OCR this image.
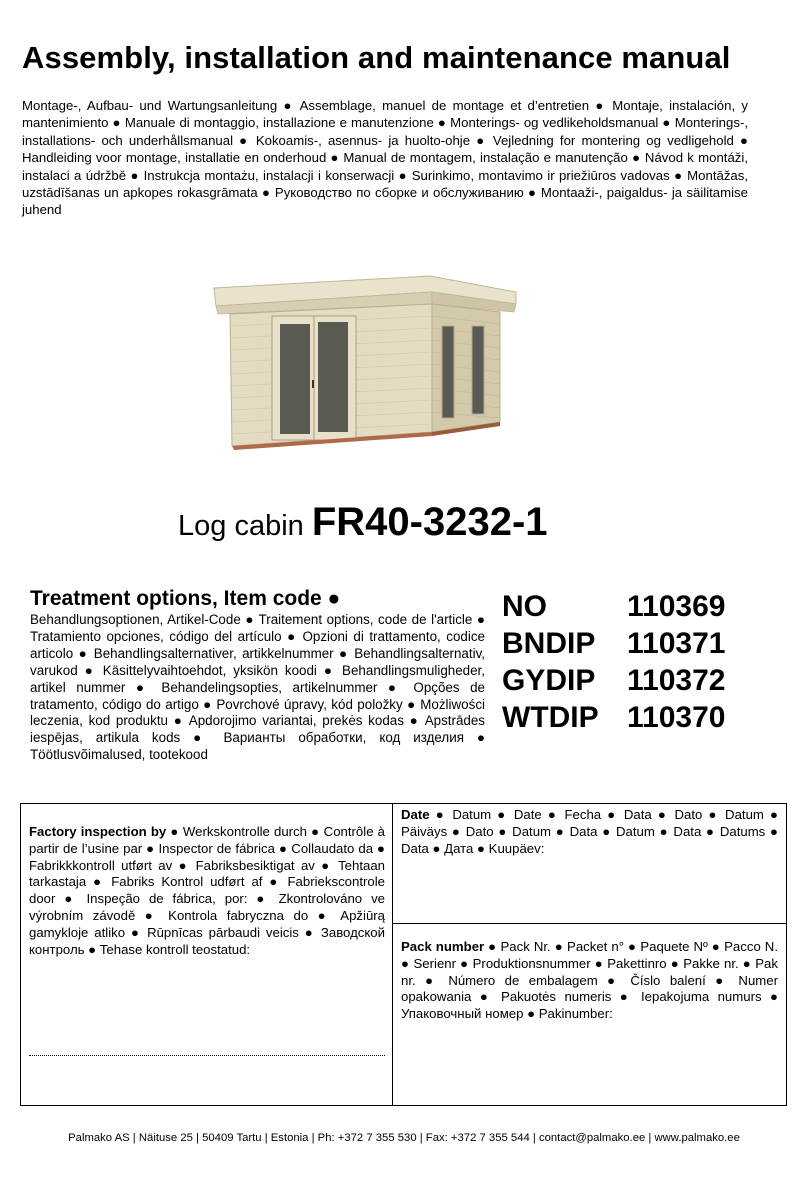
Assembly, installation and maintenance manual
Montage-, Aufbau- und Wartungsanleitung ● Assemblage, manuel de montage et d’entretien ● Montaje, instalación, y mantenimiento ● Manuale di montaggio, installazione e manutenzione ● Monterings- og vedlikeholdsmanual ● Monterings-, installations- och underhållsmanual ● Kokoamis-, asennus- ja huolto-ohje ● Vejledning for montering og vedligehold ● Handleiding voor montage, installatie en onderhoud ● Manual de montagem, instalação e manutenção ● Návod k montáži, instalaci a údržbě ● Instrukcja montażu, instalacji i konserwacji ● Surinkimo, montavimo ir priežiūros vadovas ● Montāžas, uzstādīšanas un apkopes rokasgrāmata ● Руководство по сборке и обслуживанию ● Montaaži-, paigaldus- ja säilitamise juhend
Log cabin FR40-3232-1
Treatment options, Item code ●
Behandlungsoptionen, Artikel-Code ● Traitement options, code de l'article ● Tratamiento opciones, código del artículo ● Opzioni di trattamento, codice articolo ● Behandlingsalternativer, artikkelnummer ● Behandlingsalternativ, varukod ● Käsittelyvaihtoehdot, yksikön koodi ● Behandlingsmuligheder, artikel nummer ● Behandelingsopties, artikelnummer ● Opções de tratamento, código do artigo ● Povrchové úpravy, kód položky ● Możliwości leczenia, kod produktu ● Apdorojimo variantai, prekės kodas ● Apstrādes iespējas, artikula kods ● Варианты обработки, код изделия ● Töötlusvõimalused, tootekood
NO	110369
BNDIP	110371
GYDIP	110372
WTDIP 110370
Factory inspection by ● Werkskontrolle durch ● Contrôle à partir de l’usine par ● Inspector de fábrica ● Collaudato da ● Fabrikkkontroll utført av ● Fabriksbesiktigat av ● Tehtaan tarkastaja ● Fabriks Kontrol udført af ● Fabriekscontrole door ● Inspeção de fábrica, por: ● Zkontrolováno ve výrobním závodě ● Kontrola fabryczna do ● Apžiūrą gamykloje atliko ● Rūpnīcas pārbaudi veicis ● Заводской контроль ● Tehase kontroll teostatud:
Date ● Datum ● Date ● Fecha ● Data ● Dato ● Datum ● Päiväys ● Dato ● Datum ● Data ● Datum ● Data ● Datums ● Data ● Дата ● Kuupäev:
Pack number ● Pack Nr. ● Packet n° ● Paquete Nº ● Pacco N. ● Serienr ● Produktionsnummer ● Pakettinro ● Pakke nr. ● Pak nr. ● Número de embalagem ● Číslo balení ● Numer opakowania ● Pakuotės numeris ● Iepakojuma numurs ● Упаковочный номер ● Pakinumber:
Palmako AS | Näituse 25 | 50409 Tartu | Estonia | Ph: +372 7 355 530 | Fax: +372 7 355 544 | contact@palmako.ee | www.palmako.ee
